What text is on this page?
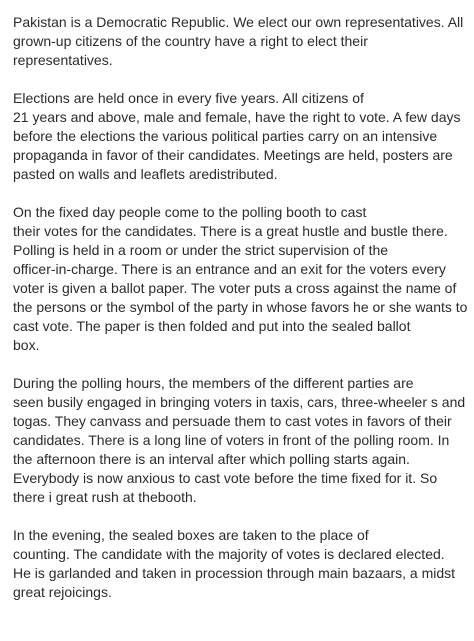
Pakistan is a Democratic Republic. We elect our own representatives. All
grown-up citizens of the country have a right to elect their
representatives.

Elections are held once in every five years. All citizens of
21 years and above, male and female, have the right to vote. A few days
before the elections the various political parties carry on an intensive
propaganda in favor of their candidates. Meetings are held, posters are
pasted on walls and leaflets aredistributed.

On the fixed day people come to the polling booth to cast
their votes for the candidates. There is a great hustle and bustle there.
Polling is held in a room or under the strict supervision of the
officer-in-charge. There is an entrance and an exit for the voters every
voter is given a ballot paper. The voter puts a cross against the name of
the persons or the symbol of the party in whose favors he or she wants to
cast vote. The paper is then folded and put into the sealed ballot
box.

During the polling hours, the members of the different parties are
seen busily engaged in bringing voters in taxis, cars, three-wheeler s and
togas. They canvass and persuade them to cast votes in favors of their
candidates. There is a long line of voters in front of the polling room. In
the afternoon there is an interval after which polling starts again.
Everybody is now anxious to cast vote before the time fixed for it. So
there i great rush at thebooth.

In the evening, the sealed boxes are taken to the place of
counting. The candidate with the majority of votes is declared elected.
He is garlanded and taken in procession through main bazaars, a midst
great rejoicings.
